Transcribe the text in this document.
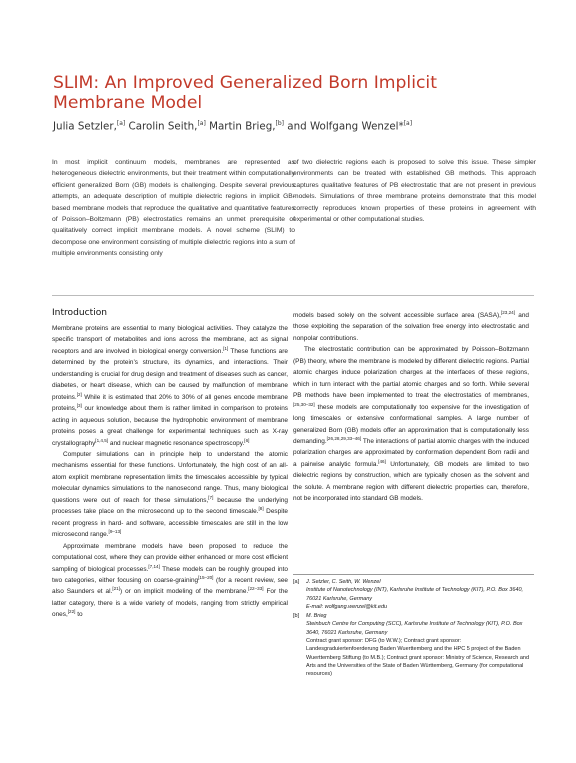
SLIM: An Improved Generalized Born Implicit Membrane Model
Julia Setzler,[a] Carolin Seith,[a] Martin Brieg,[b] and Wolfgang Wenzel*[a]

In most implicit continuum models, membranes are represented as heterogeneous dielectric environments, but their treatment within computationally efficient generalized Born (GB) models is challenging. Despite several previous attempts, an adequate description of multiple dielectric regions in implicit GB-based membrane models that reproduce the qualitative and quantitative features of Poisson–Boltzmann (PB) electrostatics remains an unmet prerequisite of qualitatively correct implicit membrane models. A novel scheme (SLIM) to decompose one environment consisting of multiple dielectric regions into a sum of multiple environments consisting only

of two dielectric regions each is proposed to solve this issue. These simpler environments can be treated with established GB methods. This approach captures qualitative features of PB electrostatic that are not present in previous models. Simulations of three membrane proteins demonstrate that this model correctly reproduces known properties of these proteins in agreement with experimental or other computational studies.

Introduction

Membrane proteins are essential to many biological activities. They catalyze the specific transport of metabolites and ions across the membrane, act as signal receptors and are involved in biological energy conversion.[1] These functions are determined by the protein’s structure, its dynamics, and interactions. Their understanding is crucial for drug design and treatment of diseases such as cancer, diabetes, or heart disease, which can be caused by malfunction of membrane proteins.[2] While it is estimated that 20% to 30% of all genes encode membrane proteins,[3] our knowledge about them is rather limited in comparison to proteins acting in aqueous solution, because the hydrophobic environment of membrane proteins poses a great challenge for experimental techniques such as X-ray crystallography[1,4,5] and nuclear magnetic resonance spectroscopy.[6]

Computer simulations can in principle help to understand the atomic mechanisms essential for these functions. Unfortunately, the high cost of an all-atom explicit membrane representation limits the timescales accessible by typical molecular dynamics simulations to the nanosecond range. Thus, many biological questions were out of reach for these simulations,[7] because the underlying processes take place on the microsecond up to the second timescale.[8] Despite recent progress in hard- and software, accessible timescales are still in the low microsecond range.[9–13]

Approximate membrane models have been proposed to reduce the computational cost, where they can provide either enhanced or more cost efficient sampling of biological processes.[7,14] These models can be roughly grouped into two categories, either focusing on coarse-graining[15–20] (for a recent review, see also Saunders et al.[21]) or on implicit modeling of the membrane.[22–33] For the latter category, there is a wide variety of models, ranging from strictly empirical ones,[22] to

models based solely on the solvent accessible surface area (SASA),[23,24] and those exploiting the separation of the solvation free energy into electrostatic and nonpolar contributions.

The electrostatic contribution can be approximated by Poisson–Boltzmann (PB) theory, where the membrane is modeled by different dielectric regions. Partial atomic charges induce polarization charges at the interfaces of these regions, which in turn interact with the partial atomic charges and so forth. While several PB methods have been implemented to treat the electrostatics of membranes,[25,30–32] these models are computationally too expensive for the investigation of long timescales or extensive conformational samples. A large number of generalized Born (GB) models offer an approximation that is computationally less demanding.[26,28,29,33–46] The interactions of partial atomic charges with the induced polarization charges are approximated by conformation dependent Born radii and a pairwise analytic formula.[46] Unfortunately, GB models are limited to two dielectric regions by construction, which are typically chosen as the solvent and the solute. A membrane region with different dielectric properties can, therefore, not be incorporated into standard GB models.

[a] J. Setzler, C. Seith, W. Wenzel
Institute of Nanotechnology (INT), Karlsruhe Institute of Technology (KIT), P.O. Box 3640, 76021 Karlsruhe, Germany
E-mail: wolfgang.wenzel@kit.edu
[b] M. Brieg
Steinbuch Centre for Computing (SCC), Karlsruhe Institute of Technology (KIT), P.O. Box 3640, 76021 Karlsruhe, Germany
Contract grant sponsor: DFG (to W.W.); Contract grant sponsor: Landesgraduiertenfoerderung Baden Wuerttemberg and the HPC 5 project of the Baden Wuerttemberg Stiftung (to M.B.); Contract grant sponsor: Ministry of Science, Research and Arts and the Universities of the State of Baden Württemberg, Germany (for computational resources)
